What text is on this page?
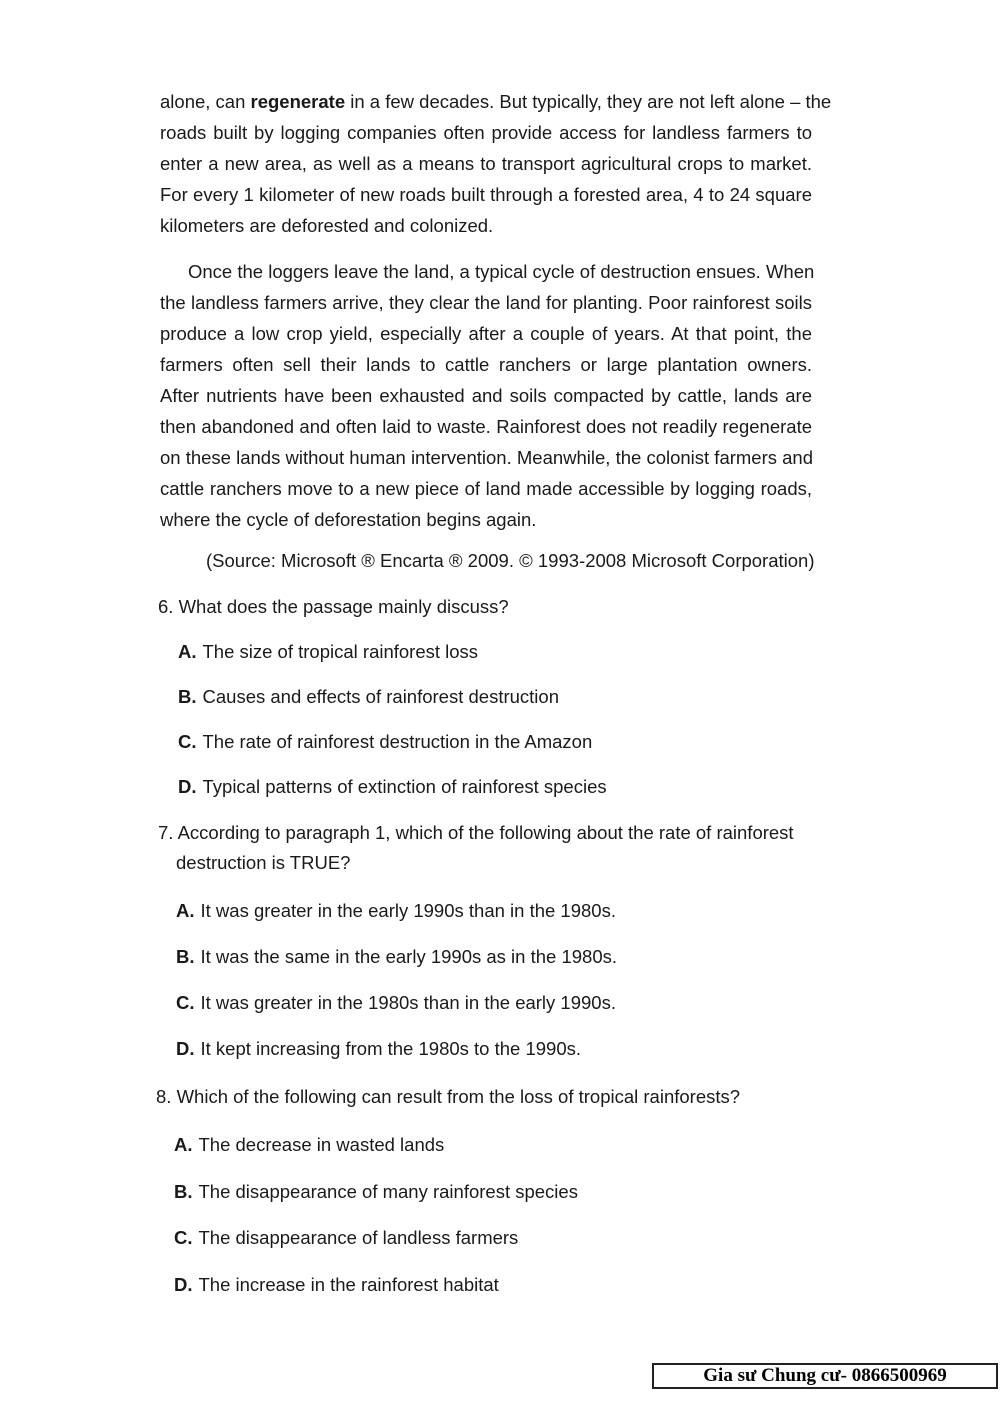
alone, can regenerate in a few decades. But typically, they are not left alone – the
roads built by logging companies often provide access for landless farmers to
enter a new area, as well as a means to transport agricultural crops to market.
For every 1 kilometer of new roads built through a forested area, 4 to 24 square
kilometers are deforested and colonized.
Once the loggers leave the land, a typical cycle of destruction ensues. When
the landless farmers arrive, they clear the land for planting. Poor rainforest soils
produce a low crop yield, especially after a couple of years. At that point, the
farmers often sell their lands to cattle ranchers or large plantation owners.
After nutrients have been exhausted and soils compacted by cattle, lands are
then abandoned and often laid to waste. Rainforest does not readily regenerate
on these lands without human intervention. Meanwhile, the colonist farmers and
cattle ranchers move to a new piece of land made accessible by logging roads,
where the cycle of deforestation begins again.
(Source: Microsoft ® Encarta ® 2009. © 1993-2008 Microsoft Corporation)
6. What does the passage mainly discuss?
A. The size of tropical rainforest loss
B. Causes and effects of rainforest destruction
C. The rate of rainforest destruction in the Amazon
D. Typical patterns of extinction of rainforest species
7. According to paragraph 1, which of the following about the rate of rainforest
destruction is TRUE?
A. It was greater in the early 1990s than in the 1980s.
B. It was the same in the early 1990s as in the 1980s.
C. It was greater in the 1980s than in the early 1990s.
D. It kept increasing from the 1980s to the 1990s.
8. Which of the following can result from the loss of tropical rainforests?
A. The decrease in wasted lands
B. The disappearance of many rainforest species
C. The disappearance of landless farmers
D. The increase in the rainforest habitat
Gia sư Chung cư- 0866500969
